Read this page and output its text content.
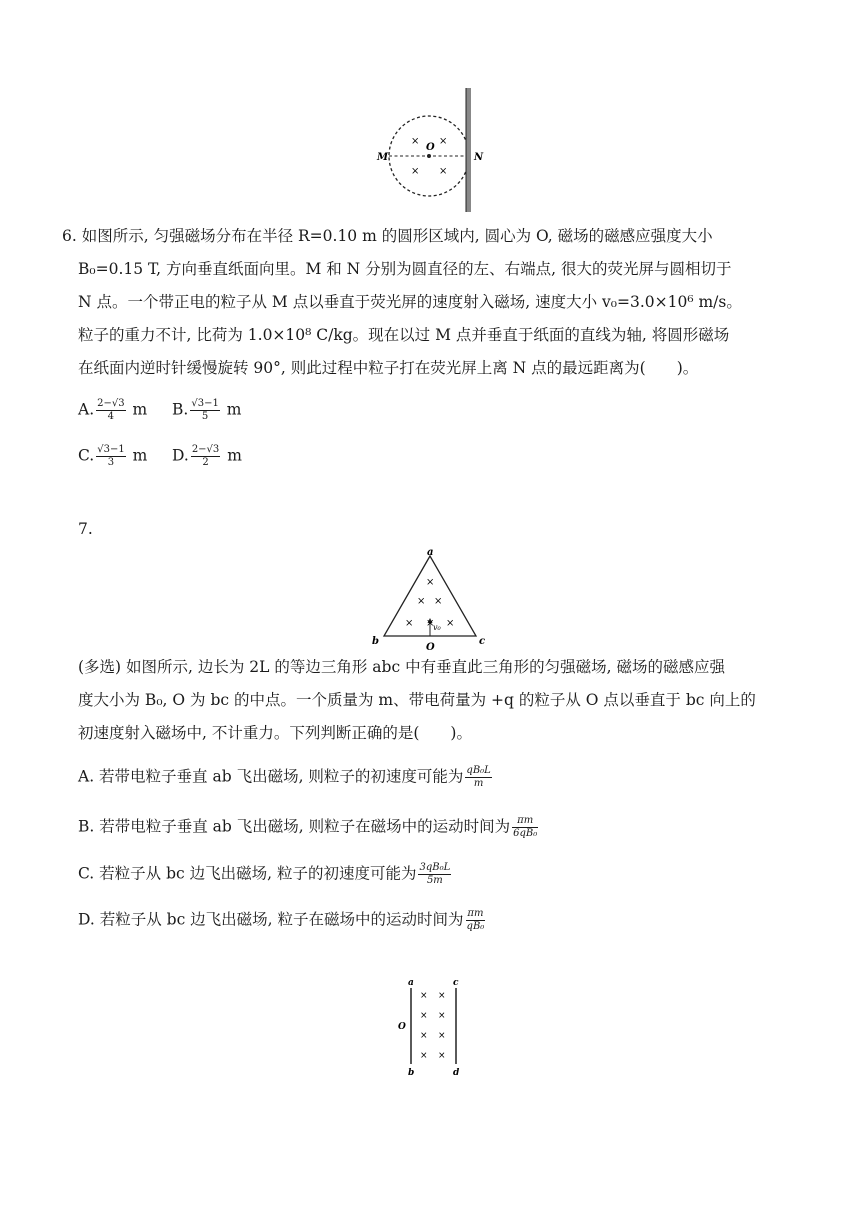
O
M	N
× ×
× ×
6. 如图所示, 匀强磁场分布在半径 R=0.10 m 的圆形区域内, 圆心为 O, 磁场的磁感应强度大小
B₀=0.15 T, 方向垂直纸面向里。M 和 N 分别为圆直径的左、右端点, 很大的荧光屏与圆相切于
N 点。一个带正电的粒子从 M 点以垂直于荧光屏的速度射入磁场, 速度大小 v₀=3.0×10⁶ m/s。
粒子的重力不计, 比荷为 1.0×10⁸ C/kg。现在以过 M 点并垂直于纸面的直线为轴, 将圆形磁场
在纸面内逆时针缓慢旋转 90°, 则此过程中粒子打在荧光屏上离 N 点的最远距离为(　　)。
A. $\frac{2-√3}{4}$ m B. $\frac{√3-1}{5}$ m
C. $\frac{√3-1}{3}$ m D. $\frac{2-√3}{2}$ m
7.
a
b	c
O
v₀
×
× ×
× × ×
(多选) 如图所示, 边长为 2L 的等边三角形 abc 中有垂直此三角形的匀强磁场, 磁场的磁感应强
度大小为 B₀, O 为 bc 的中点。一个质量为 m、带电荷量为 +q 的粒子从 O 点以垂直于 bc 向上的
初速度射入磁场中, 不计重力。下列判断正确的是(　　)。
A. 若带电粒子垂直 ab 飞出磁场, 则粒子的初速度可能为 $\frac{\text{qB₀L}}{m}$
B. 若带电粒子垂直 ab 飞出磁场, 则粒子在磁场中的运动时间为 $\frac{\pi m}{\text{6qB₀}}$
C. 若粒子从 bc 边飞出磁场, 粒子的初速度可能为 $\frac{\text{3qB₀L}}{5m}$
D. 若粒子从 bc 边飞出磁场, 粒子在磁场中的运动时间为 $\frac{\pi m}{\text{qB₀}}$
a	c
b	d
O
× ×
× ×
× ×
× ×
